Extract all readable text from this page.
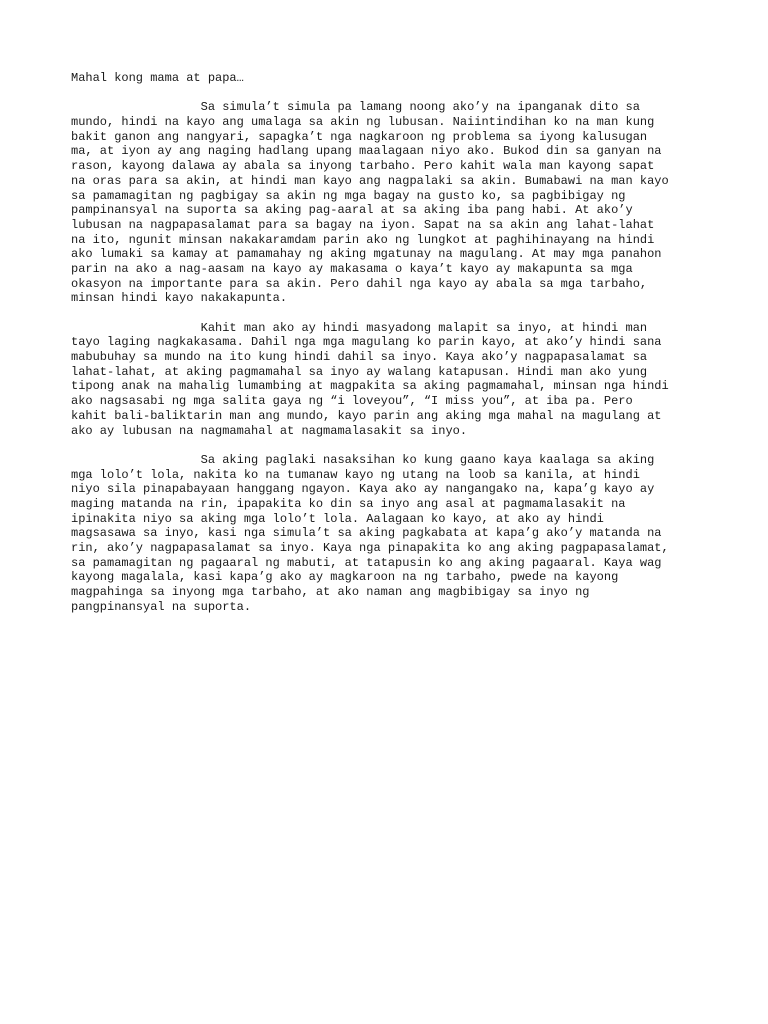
Mahal kong mama at papa…
Sa simula’t simula pa lamang noong ako’y na ipanganak dito sa
mundo, hindi na kayo ang umalaga sa akin ng lubusan. Naiintindihan ko na man kung
bakit ganon ang nangyari, sapagka’t nga nagkaroon ng problema sa iyong kalusugan
ma, at iyon ay ang naging hadlang upang maalagaan niyo ako. Bukod din sa ganyan na
rason, kayong dalawa ay abala sa inyong tarbaho. Pero kahit wala man kayong sapat
na oras para sa akin, at hindi man kayo ang nagpalaki sa akin. Bumabawi na man kayo
sa pamamagitan ng pagbigay sa akin ng mga bagay na gusto ko, sa pagbibigay ng
pampinansyal na suporta sa aking pag-aaral at sa aking iba pang habi. At ako’y
lubusan na nagpapasalamat para sa bagay na iyon. Sapat na sa akin ang lahat-lahat
na ito, ngunit minsan nakakaramdam parin ako ng lungkot at paghihinayang na hindi
ako lumaki sa kamay at pamamahay ng aking mgatunay na magulang. At may mga panahon
parin na ako a nag-aasam na kayo ay makasama o kaya’t kayo ay makapunta sa mga
okasyon na importante para sa akin. Pero dahil nga kayo ay abala sa mga tarbaho,
minsan hindi kayo nakakapunta.
Kahit man ako ay hindi masyadong malapit sa inyo, at hindi man
tayo laging nagkakasama. Dahil nga mga magulang ko parin kayo, at ako’y hindi sana
mabubuhay sa mundo na ito kung hindi dahil sa inyo. Kaya ako’y nagpapasalamat sa
lahat-lahat, at aking pagmamahal sa inyo ay walang katapusan. Hindi man ako yung
tipong anak na mahalig lumambing at magpakita sa aking pagmamahal, minsan nga hindi
ako nagsasabi ng mga salita gaya ng “i loveyou”, “I miss you”, at iba pa. Pero
kahit bali-baliktarin man ang mundo, kayo parin ang aking mga mahal na magulang at
ako ay lubusan na nagmamahal at nagmamalasakit sa inyo.
Sa aking paglaki nasaksihan ko kung gaano kaya kaalaga sa aking
mga lolo’t lola, nakita ko na tumanaw kayo ng utang na loob sa kanila, at hindi
niyo sila pinapabayaan hanggang ngayon. Kaya ako ay nangangako na, kapa’g kayo ay
maging matanda na rin, ipapakita ko din sa inyo ang asal at pagmamalasakit na
ipinakita niyo sa aking mga lolo’t lola. Aalagaan ko kayo, at ako ay hindi
magsasawa sa inyo, kasi nga simula’t sa aking pagkabata at kapa’g ako’y matanda na
rin, ako’y nagpapasalamat sa inyo. Kaya nga pinapakita ko ang aking pagpapasalamat,
sa pamamagitan ng pagaaral ng mabuti, at tatapusin ko ang aking pagaaral. Kaya wag
kayong magalala, kasi kapa’g ako ay magkaroon na ng tarbaho, pwede na kayong
magpahinga sa inyong mga tarbaho, at ako naman ang magbibigay sa inyo ng
pangpinansyal na suporta.
